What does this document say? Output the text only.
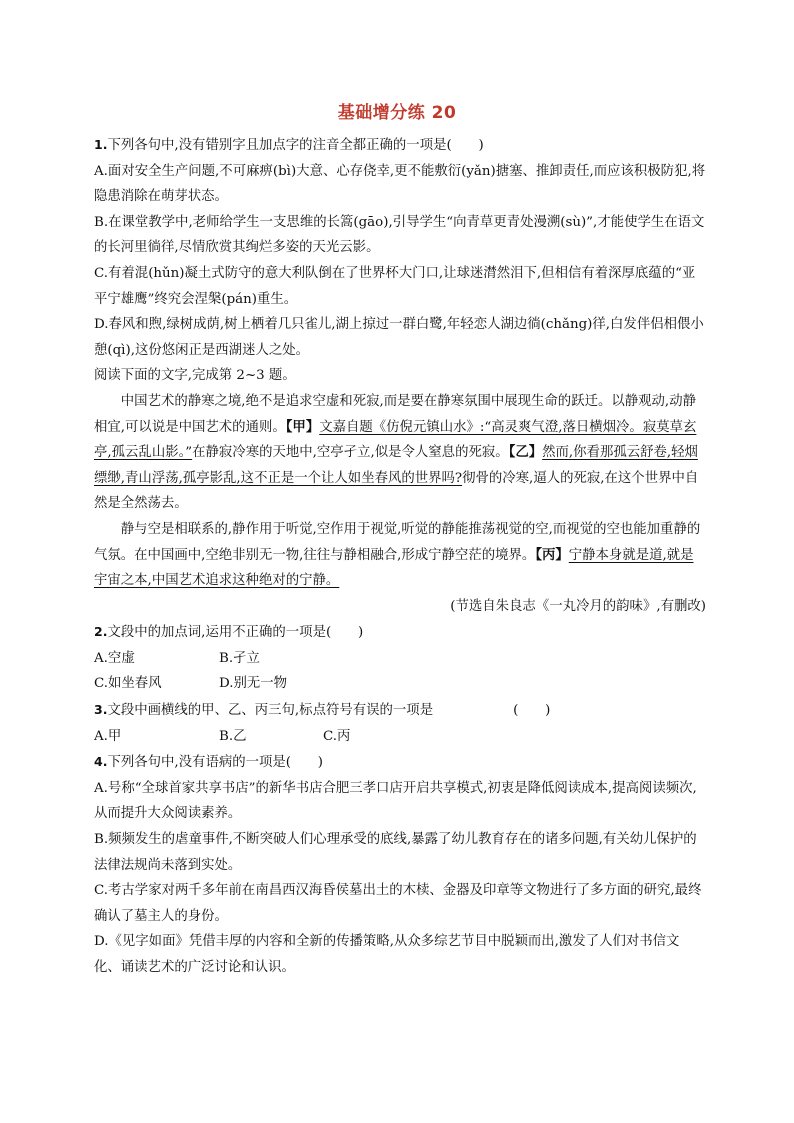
基础增分练 20

1.下列各句中,没有错别字且加点字的注音全都正确的一项是(　　)

A.面对安全生产问题,不可麻痹(bì)大意、心存侥幸,更不能敷衍(yǎn)搪塞、推卸责任,而应该积极防犯,将隐患消除在萌芽状态。

B.在课堂教学中,老师给学生一支思维的长篙(gāo),引导学生“向青草更青处漫溯(sù)”,才能使学生在语文的长河里徜徉,尽情欣赏其绚烂多姿的天光云影。

C.有着混(hǔn)凝土式防守的意大利队倒在了世界杯大门口,让球迷潸然泪下,但相信有着深厚底蕴的“亚平宁雄鹰”终究会涅槃(pán)重生。

D.春风和煦,绿树成荫,树上栖着几只雀儿,湖上掠过一群白鹭,年轻恋人湖边徜(chǎng)徉,白发伴侣相偎小憩(qì),这份悠闲正是西湖迷人之处。

阅读下面的文字,完成第 2~3 题。

中国艺术的静寒之境,绝不是追求空虚和死寂,而是要在静寒氛围中展现生命的跃迁。以静观动,动静相宜,可以说是中国艺术的通则。【甲】文嘉自题《仿倪元镇山水》:“高灵爽气澄,落日横烟冷。寂莫草玄亭,孤云乱山影。”在静寂冷寒的天地中,空亭孑立,似是令人窒息的死寂。【乙】然而,你看那孤云舒卷,轻烟缥缈,青山浮荡,孤亭影乱,这不正是一个让人如坐春风的世界吗?彻骨的冷寒,逼人的死寂,在这个世界中自然是全然荡去。

静与空是相联系的,静作用于听觉,空作用于视觉,听觉的静能推荡视觉的空,而视觉的空也能加重静的气氛。在中国画中,空绝非别无一物,往往与静相融合,形成宁静空茫的境界。【丙】宁静本身就是道,就是宇宙之本,中国艺术追求这种绝对的宁静。

(节选自朱良志《一丸冷月的韵味》,有删改)

2.文段中的加点词,运用不正确的一项是(　　)

A.空虚	B.孑立
C.如坐春风	D.别无一物

3.文段中画横线的甲、乙、丙三句,标点符号有误的一项是	(　　)

A.甲	B.乙	C.丙

4.下列各句中,没有语病的一项是(　　)

A.号称“全球首家共享书店”的新华书店合肥三孝口店开启共享模式,初衷是降低阅读成本,提高阅读频次,从而提升大众阅读素养。

B.频频发生的虐童事件,不断突破人们心理承受的底线,暴露了幼儿教育存在的诸多问题,有关幼儿保护的法律法规尚未落到实处。

C.考古学家对两千多年前在南昌西汉海昏侯墓出土的木椟、金器及印章等文物进行了多方面的研究,最终确认了墓主人的身份。

D.《见字如面》凭借丰厚的内容和全新的传播策略,从众多综艺节目中脱颖而出,激发了人们对书信文化、诵读艺术的广泛讨论和认识。
